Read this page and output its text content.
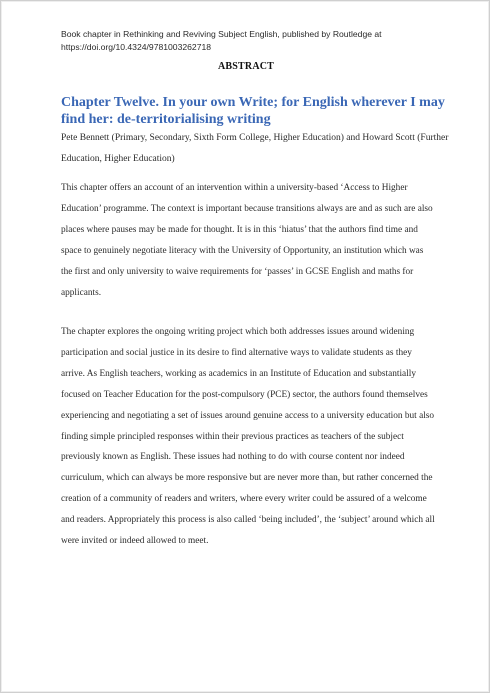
Book chapter in Rethinking and Reviving Subject English, published by Routledge at
https://doi.org/10.4324/9781003262718
ABSTRACT
Chapter Twelve. In your own Write; for English wherever I may find her: de-territorialising writing
Pete Bennett (Primary, Secondary, Sixth Form College, Higher Education) and Howard Scott (Further Education, Higher Education)

This chapter offers an account of an intervention within a university-based ‘Access to Higher Education’ programme. The context is important because transitions always are and as such are also places where pauses may be made for thought. It is in this ‘hiatus’ that the authors find time and space to genuinely negotiate literacy with the University of Opportunity, an institution which was the first and only university to waive requirements for ‘passes’ in GCSE English and maths for applicants.

The chapter explores the ongoing writing project which both addresses issues around widening participation and social justice in its desire to find alternative ways to validate students as they arrive. As English teachers, working as academics in an Institute of Education and substantially focused on Teacher Education for the post-compulsory (PCE) sector, the authors found themselves experiencing and negotiating a set of issues around genuine access to a university education but also finding simple principled responses within their previous practices as teachers of the subject previously known as English. These issues had nothing to do with course content nor indeed curriculum, which can always be more responsive but are never more than, but rather concerned the creation of a community of readers and writers, where every writer could be assured of a welcome and readers. Appropriately this process is also called ‘being included’, the ‘subject’ around which all were invited or indeed allowed to meet.
